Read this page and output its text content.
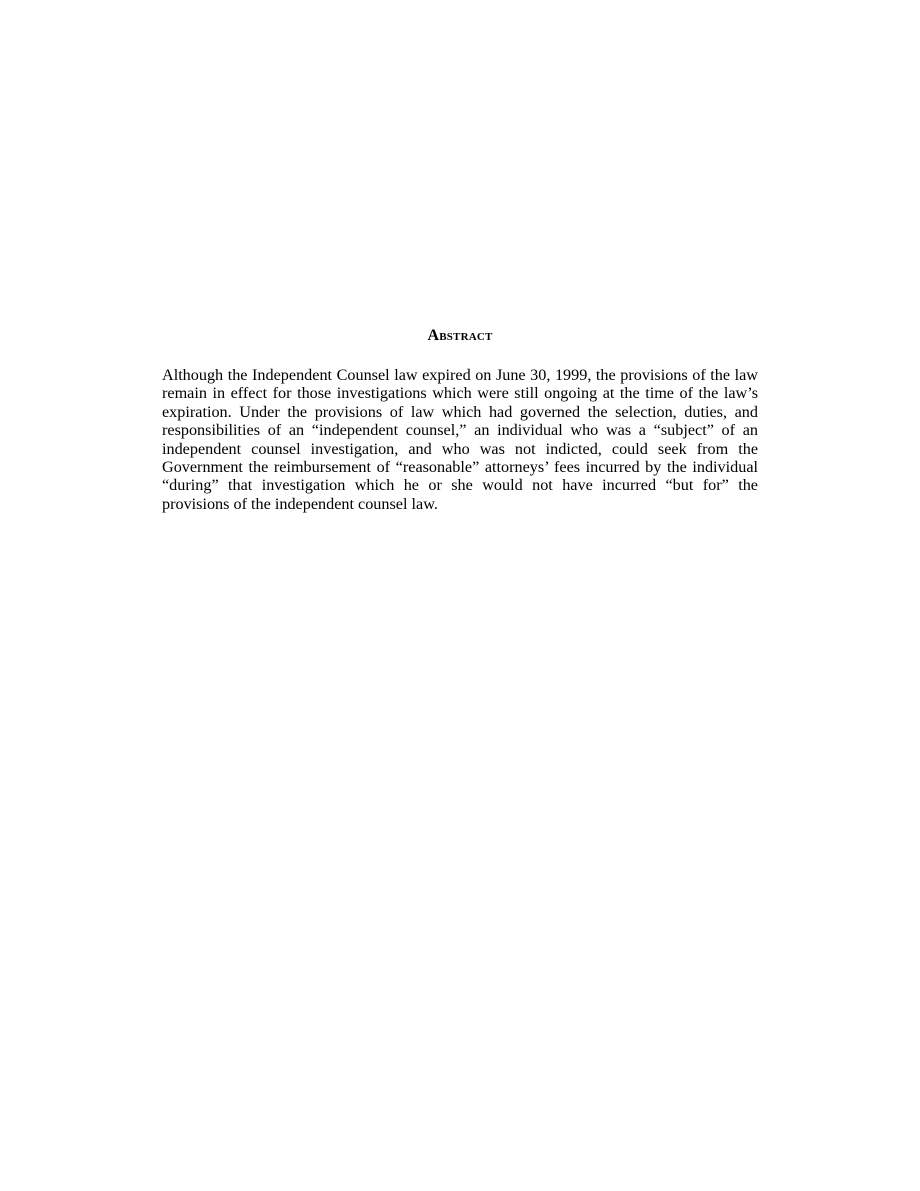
Abstract

Although the Independent Counsel law expired on June 30, 1999, the provisions of the law remain in effect for those investigations which were still ongoing at the time of the law’s expiration. Under the provisions of law which had governed the selection, duties, and responsibilities of an “independent counsel,” an individual who was a “subject” of an independent counsel investigation, and who was not indicted, could seek from the Government the reimbursement of “reasonable” attorneys’ fees incurred by the individual “during” that investigation which he or she would not have incurred “but for” the provisions of the independent counsel law.
